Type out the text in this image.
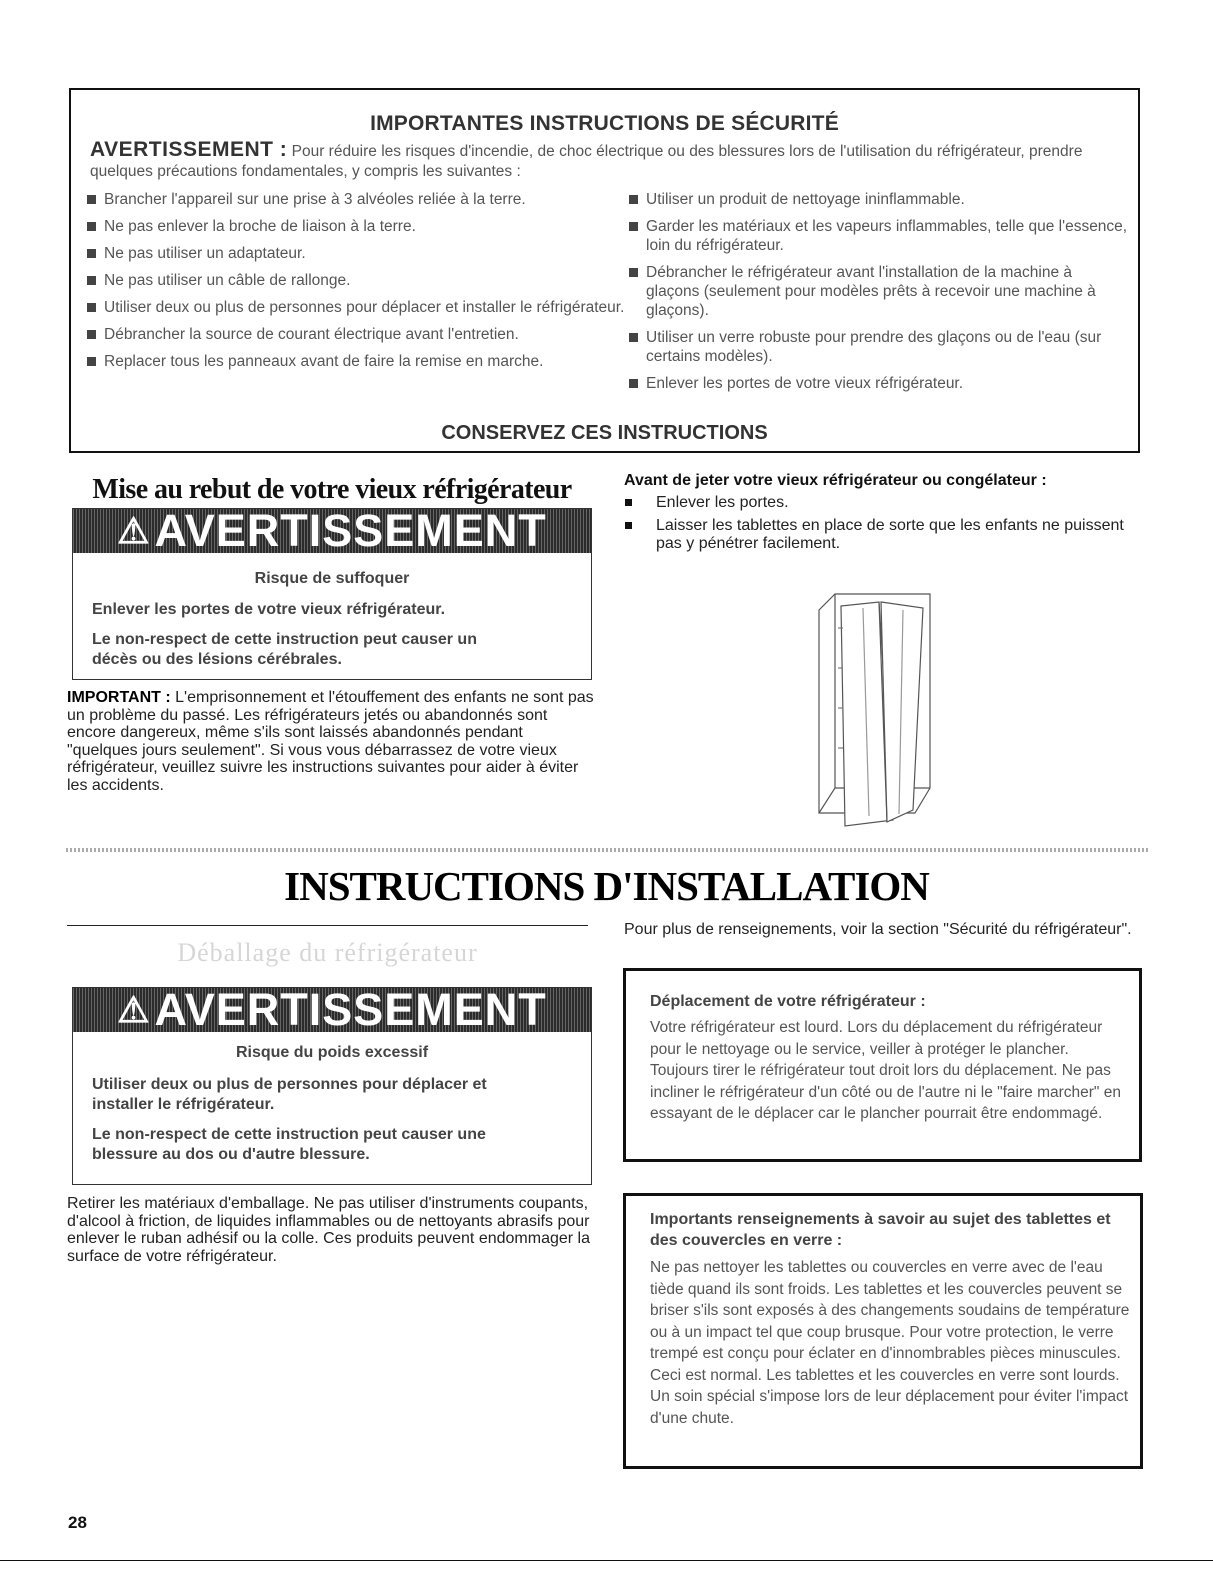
IMPORTANTES INSTRUCTIONS DE SÉCURITÉ
AVERTISSEMENT : Pour réduire les risques d'incendie, de choc électrique ou des blessures lors de l'utilisation du réfrigérateur, prendre quelques précautions fondamentales, y compris les suivantes :
Brancher l'appareil sur une prise à 3 alvéoles reliée à la terre.
Ne pas enlever la broche de liaison à la terre.
Ne pas utiliser un adaptateur.
Ne pas utiliser un câble de rallonge.
Utiliser deux ou plus de personnes pour déplacer et installer le réfrigérateur.
Débrancher la source de courant électrique avant l'entretien.
Replacer tous les panneaux avant de faire la remise en marche.
Utiliser un produit de nettoyage ininflammable.
Garder les matériaux et les vapeurs inflammables, telle que l'essence, loin du réfrigérateur.
Débrancher le réfrigérateur avant l'installation de la machine à glaçons (seulement pour modèles prêts à recevoir une machine à glaçons).
Utiliser un verre robuste pour prendre des glaçons ou de l'eau (sur certains modèles).
Enlever les portes de votre vieux réfrigérateur.
CONSERVEZ CES INSTRUCTIONS
Mise au rebut de votre vieux réfrigérateur
⚠AVERTISSEMENT
Risque de suffoquer
Enlever les portes de votre vieux réfrigérateur.
Le non-respect de cette instruction peut causer un décès ou des lésions cérébrales.
IMPORTANT : L'emprisonnement et l'étouffement des enfants ne sont pas un problème du passé. Les réfrigérateurs jetés ou abandonnés sont encore dangereux, même s'ils sont laissés abandonnés pendant "quelques jours seulement". Si vous vous débarrassez de votre vieux réfrigérateur, veuillez suivre les instructions suivantes pour aider à éviter les accidents.
Avant de jeter votre vieux réfrigérateur ou congélateur :
Enlever les portes.
Laisser les tablettes en place de sorte que les enfants ne puissent pas y pénétrer facilement.
INSTRUCTIONS D'INSTALLATION
Déballage du réfrigérateur
⚠AVERTISSEMENT
Risque du poids excessif
Utiliser deux ou plus de personnes pour déplacer et installer le réfrigérateur.
Le non-respect de cette instruction peut causer une blessure au dos ou d'autre blessure.
Retirer les matériaux d'emballage. Ne pas utiliser d'instruments coupants, d'alcool à friction, de liquides inflammables ou de nettoyants abrasifs pour enlever le ruban adhésif ou la colle. Ces produits peuvent endommager la surface de votre réfrigérateur.
Pour plus de renseignements, voir la section "Sécurité du réfrigérateur".
Déplacement de votre réfrigérateur :
Votre réfrigérateur est lourd. Lors du déplacement du réfrigérateur pour le nettoyage ou le service, veiller à protéger le plancher. Toujours tirer le réfrigérateur tout droit lors du déplacement. Ne pas incliner le réfrigérateur d'un côté ou de l'autre ni le "faire marcher" en essayant de le déplacer car le plancher pourrait être endommagé.
Importants renseignements à savoir au sujet des tablettes et des couvercles en verre :
Ne pas nettoyer les tablettes ou couvercles en verre avec de l'eau tiède quand ils sont froids. Les tablettes et les couvercles peuvent se briser s'ils sont exposés à des changements soudains de température ou à un impact tel que coup brusque. Pour votre protection, le verre trempé est conçu pour éclater en d'innombrables pièces minuscules. Ceci est normal. Les tablettes et les couvercles en verre sont lourds. Un soin spécial s'impose lors de leur déplacement pour éviter l'impact d'une chute.
28
